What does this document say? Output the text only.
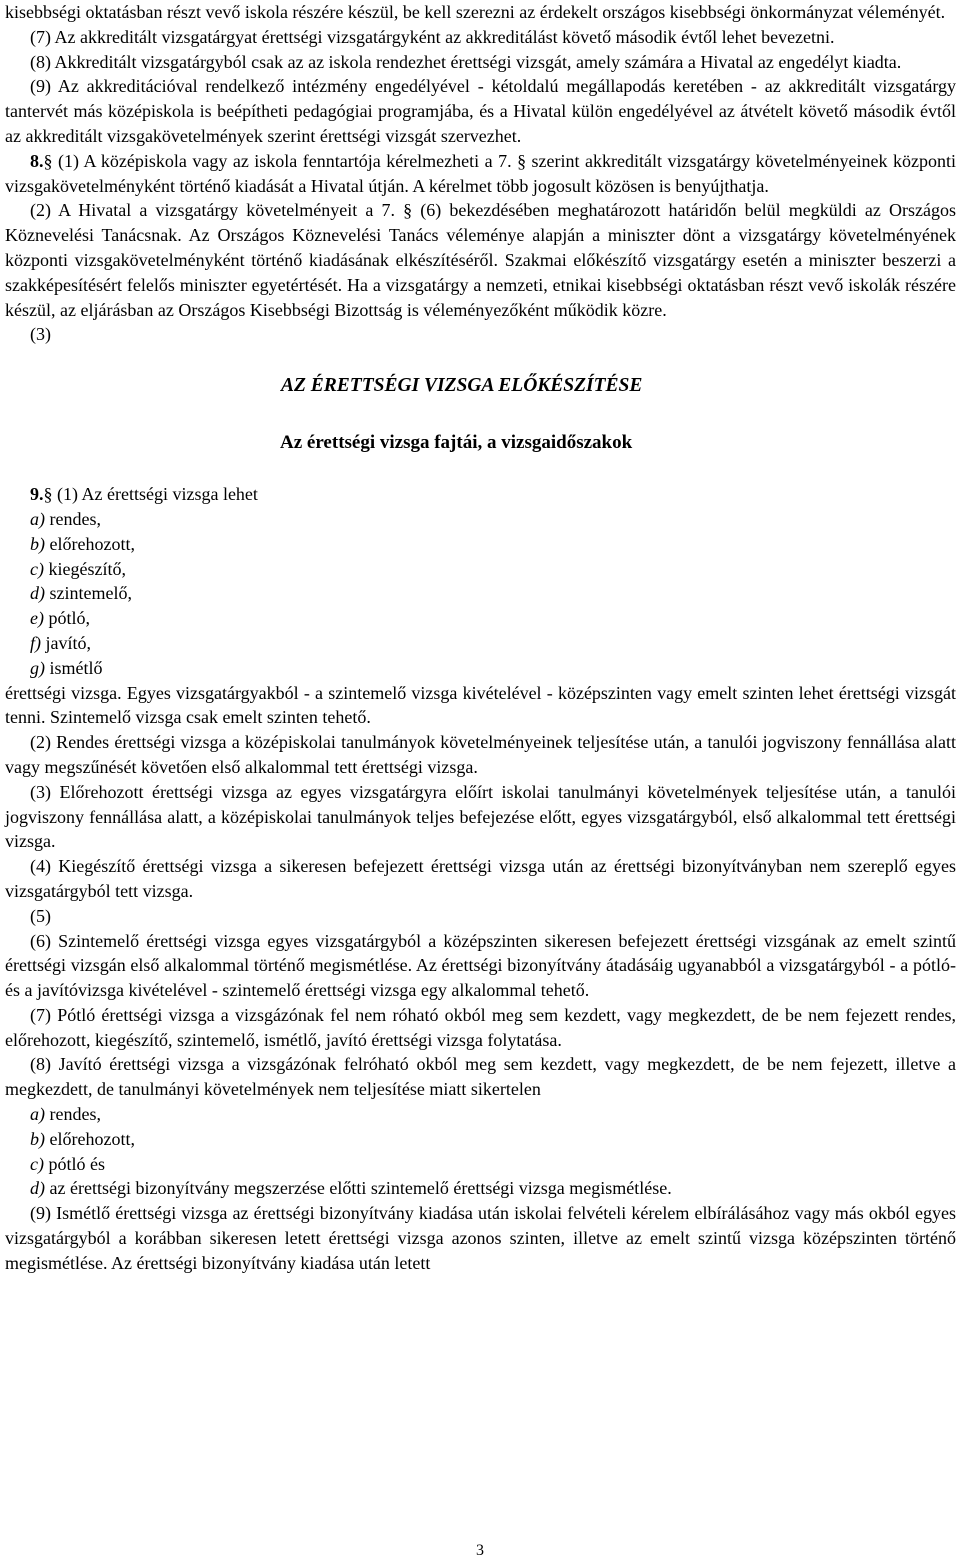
kisebbségi oktatásban részt vevő iskola részére készül, be kell szerezni az érdekelt országos kisebbségi önkormányzat véleményét.

(7) Az akkreditált vizsgatárgyat érettségi vizsgatárgyként az akkreditálást követő második évtől lehet bevezetni.

(8) Akkreditált vizsgatárgyból csak az az iskola rendezhet érettségi vizsgát, amely számára a Hivatal az engedélyt kiadta.

(9) Az akkreditációval rendelkező intézmény engedélyével - kétoldalú megállapodás keretében - az akkreditált vizsgatárgy tantervét más középiskola is beépítheti pedagógiai programjába, és a Hivatal külön engedélyével az átvételt követő második évtől az akkreditált vizsgakövetelmények szerint érettségi vizsgát szervezhet.

8.§ (1) A középiskola vagy az iskola fenntartója kérelmezheti a 7. § szerint akkreditált vizsgatárgy követelményeinek központi vizsgakövetelményként történő kiadását a Hivatal útján. A kérelmet több jogosult közösen is benyújthatja.

(2) A Hivatal a vizsgatárgy követelményeit a 7. § (6) bekezdésében meghatározott határidőn belül megküldi az Országos Köznevelési Tanácsnak. Az Országos Köznevelési Tanács véleménye alapján a miniszter dönt a vizsgatárgy követelményének központi vizsgakövetelményként történő kiadásának elkészítéséről. Szakmai előkészítő vizsgatárgy esetén a miniszter beszerzi a szakképesítésért felelős miniszter egyetértését. Ha a vizsgatárgy a nemzeti, etnikai kisebbségi oktatásban részt vevő iskolák részére készül, az eljárásban az Országos Kisebbségi Bizottság is véleményezőként működik közre.

(3)

AZ ÉRETTSÉGI VIZSGA ELŐKÉSZÍTÉSE

Az érettségi vizsga fajtái, a vizsgaidőszakok

9.§ (1) Az érettségi vizsga lehet

a) rendes,

b) előrehozott,

c) kiegészítő,

d) szintemelő,

e) pótló,

f) javító,

g) ismétlő

érettségi vizsga. Egyes vizsgatárgyakból - a szintemelő vizsga kivételével - középszinten vagy emelt szinten lehet érettségi vizsgát tenni. Szintemelő vizsga csak emelt szinten tehető.

(2) Rendes érettségi vizsga a középiskolai tanulmányok követelményeinek teljesítése után, a tanulói jogviszony fennállása alatt vagy megszűnését követően első alkalommal tett érettségi vizsga.

(3) Előrehozott érettségi vizsga az egyes vizsgatárgyra előírt iskolai tanulmányi követelmények teljesítése után, a tanulói jogviszony fennállása alatt, a középiskolai tanulmányok teljes befejezése előtt, egyes vizsgatárgyból, első alkalommal tett érettségi vizsga.

(4) Kiegészítő érettségi vizsga a sikeresen befejezett érettségi vizsga után az érettségi bizonyítványban nem szereplő egyes vizsgatárgyból tett vizsga.

(5)

(6) Szintemelő érettségi vizsga egyes vizsgatárgyból a középszinten sikeresen befejezett érettségi vizsgának az emelt szintű érettségi vizsgán első alkalommal történő megismétlése. Az érettségi bizonyítvány átadásáig ugyanabból a vizsgatárgyból - a pótló- és a javítóvizsga kivételével - szintemelő érettségi vizsga egy alkalommal tehető.

(7) Pótló érettségi vizsga a vizsgázónak fel nem róható okból meg sem kezdett, vagy megkezdett, de be nem fejezett rendes, előrehozott, kiegészítő, szintemelő, ismétlő, javító érettségi vizsga folytatása.

(8) Javító érettségi vizsga a vizsgázónak felróható okból meg sem kezdett, vagy megkezdett, de be nem fejezett, illetve a megkezdett, de tanulmányi követelmények nem teljesítése miatt sikertelen

a) rendes,

b) előrehozott,

c) pótló és

d) az érettségi bizonyítvány megszerzése előtti szintemelő érettségi vizsga megismétlése.

(9) Ismétlő érettségi vizsga az érettségi bizonyítvány kiadása után iskolai felvételi kérelem elbírálásához vagy más okból egyes vizsgatárgyból a korábban sikeresen letett érettségi vizsga azonos szinten, illetve az emelt szintű vizsga középszinten történő megismétlése. Az érettségi bizonyítvány kiadása után letett

3
